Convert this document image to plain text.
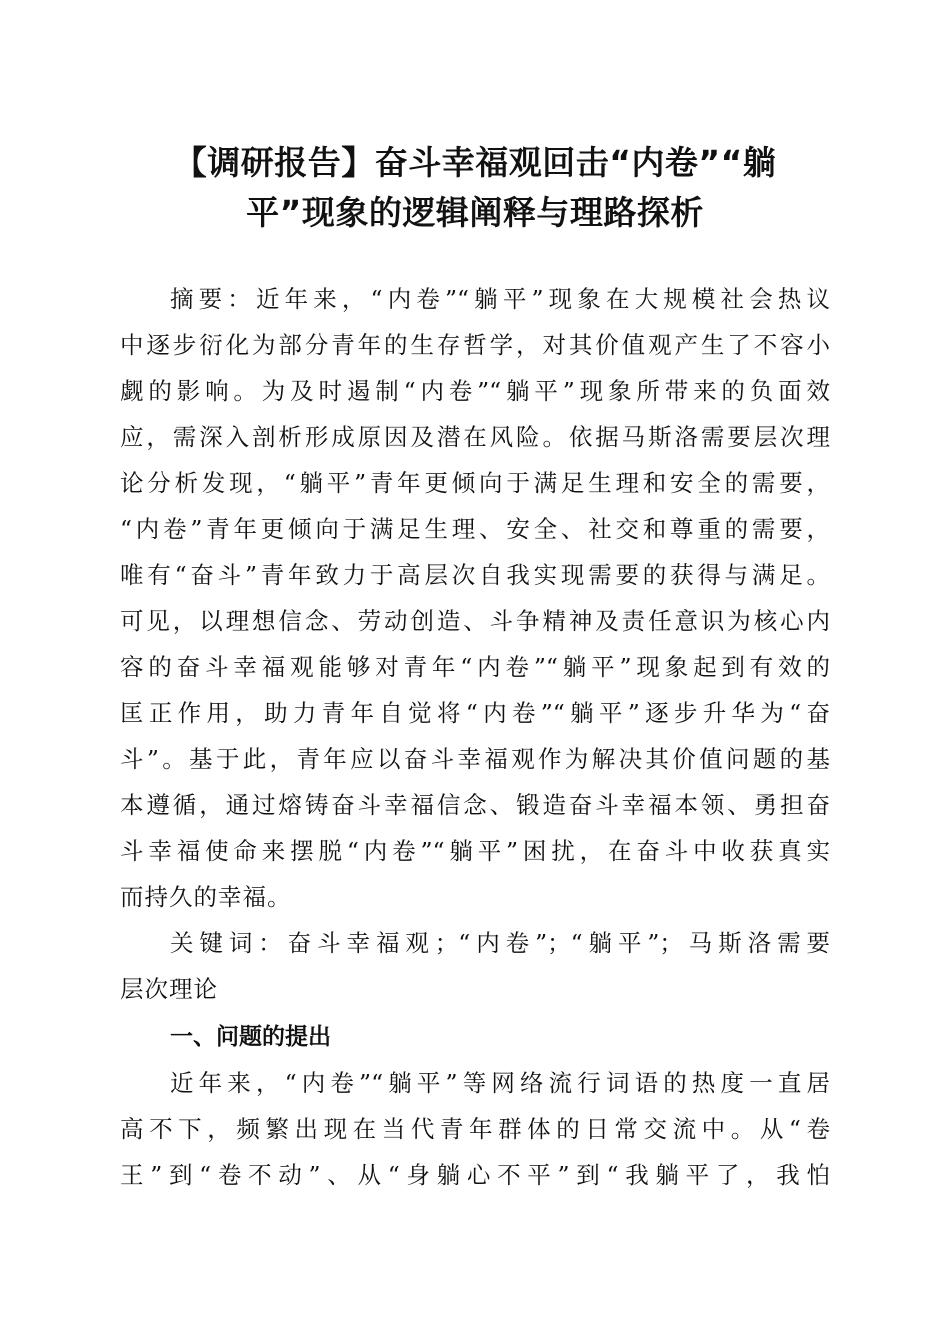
【调研报告】奋斗幸福观回击“内卷”“躺
平”现象的逻辑阐释与理路探析
摘要：近年来，“内卷”“躺平”现象在大规模社会热议
中逐步衍化为部分青年的生存哲学，对其价值观产生了不容小
觑的影响。为及时遏制“内卷”“躺平”现象所带来的负面效
应，需深入剖析形成原因及潜在风险。依据马斯洛需要层次理
论分析发现，“躺平”青年更倾向于满足生理和安全的需要，
“内卷”青年更倾向于满足生理、安全、社交和尊重的需要，
唯有“奋斗”青年致力于高层次自我实现需要的获得与满足。
可见，以理想信念、劳动创造、斗争精神及责任意识为核心内
容的奋斗幸福观能够对青年“内卷”“躺平”现象起到有效的
匡正作用，助力青年自觉将“内卷”“躺平”逐步升华为“奋
斗”。基于此，青年应以奋斗幸福观作为解决其价值问题的基
本遵循，通过熔铸奋斗幸福信念、锻造奋斗幸福本领、勇担奋
斗幸福使命来摆脱“内卷”“躺平”困扰，在奋斗中收获真实
而持久的幸福。
关键词：奋斗幸福观；“内卷”；“躺平”；马斯洛需要
层次理论
一、问题的提出
近年来，“内卷”“躺平”等网络流行词语的热度一直居
高不下，频繁出现在当代青年群体的日常交流中。从“卷
王”到“卷不动”、从“身躺心不平”到“我躺平了，我怕
